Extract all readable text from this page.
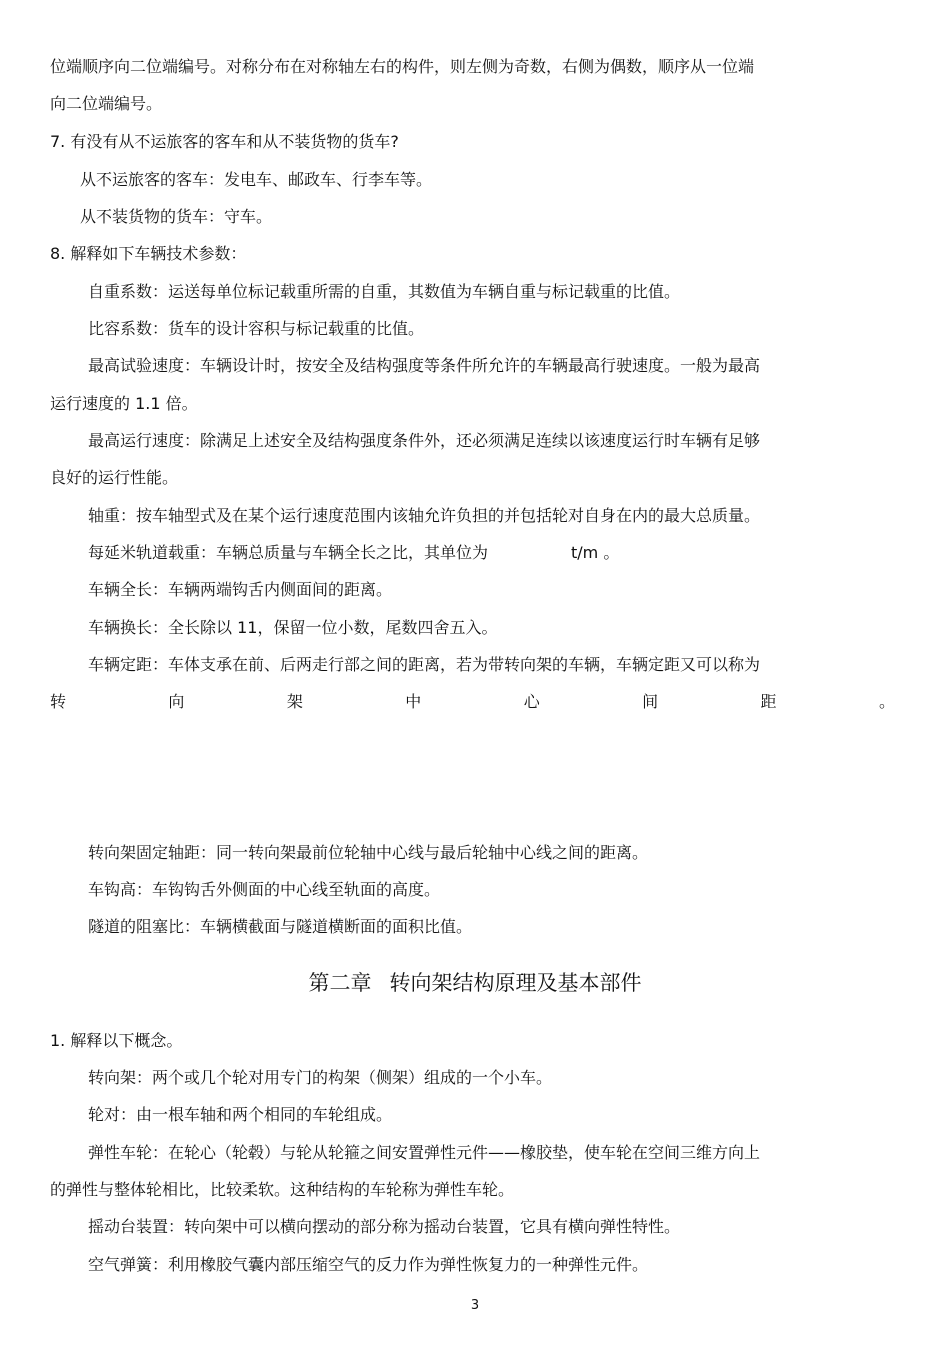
位端顺序向二位端编号。对称分布在对称轴左右的构件，则左侧为奇数，右侧为偶数，顺序从一位端
向二位端编号。
7. 有没有从不运旅客的客车和从不装货物的货车?
从不运旅客的客车：发电车、邮政车、行李车等。
从不装货物的货车：守车。
8. 解释如下车辆技术参数：
自重系数：运送每单位标记载重所需的自重，其数值为车辆自重与标记载重的比值。
比容系数：货车的设计容积与标记载重的比值。
最高试验速度：车辆设计时，按安全及结构强度等条件所允许的车辆最高行驶速度。一般为最高
运行速度的 1.1 倍。
最高运行速度：除满足上述安全及结构强度条件外，还必须满足连续以该速度运行时车辆有足够
良好的运行性能。
轴重：按车轴型式及在某个运行速度范围内该轴允许负担的并包括轮对自身在内的最大总质量。
每延米轨道载重：车辆总质量与车辆全长之比，其单位为	t/m 。
车辆全长：车辆两端钩舌内侧面间的距离。
车辆换长：全长除以 11，保留一位小数，尾数四舍五入。
车辆定距：车体支承在前、后两走行部之间的距离，若为带转向架的车辆，车辆定距又可以称为
转	向	架	中	心	间	距	。
转向架固定轴距：同一转向架最前位轮轴中心线与最后轮轴中心线之间的距离。
车钩高：车钩钩舌外侧面的中心线至轨面的高度。
隧道的阻塞比：车辆横截面与隧道横断面的面积比值。
第二章 转向架结构原理及基本部件
1. 解释以下概念。
转向架：两个或几个轮对用专门的构架（侧架）组成的一个小车。
轮对：由一根车轴和两个相同的车轮组成。
弹性车轮：在轮心（轮毂）与轮从轮箍之间安置弹性元件——橡胶垫，使车轮在空间三维方向上
的弹性与整体轮相比，比较柔软。这种结构的车轮称为弹性车轮。
摇动台装置：转向架中可以横向摆动的部分称为摇动台装置，它具有横向弹性特性。
空气弹簧：利用橡胶气囊内部压缩空气的反力作为弹性恢复力的一种弹性元件。
3
